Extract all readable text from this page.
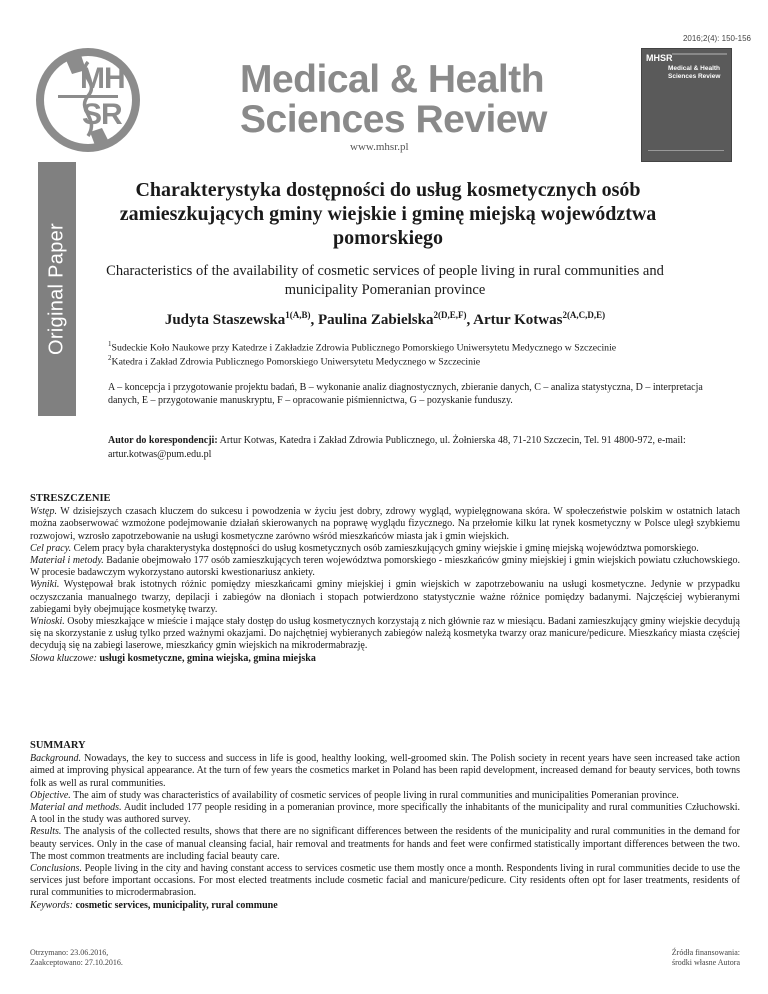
2016;2(4): 150-156
MH
SR
Medical & Health
Sciences Review
www.mhsr.pl
MHSR
Medical & Health Sciences Review
Original Paper
Charakterystyka dostępności do usług kosmetycznych osób zamieszkujących gminy wiejskie i gminę miejską województwa pomorskiego
Characteristics of the availability of cosmetic services of people living in rural communities and municipality Pomeranian province
Judyta Staszewska$^{1(A,B)}$, Paulina Zabielska$^{2(D,E,F)}$, Artur Kotwas$^{2(A,C,D,E)}$
$^1$Sudeckie Koło Naukowe przy Katedrze i Zakładzie Zdrowia Publicznego Pomorskiego Uniwersytetu Medycznego w Szczecinie
$^2$Katedra i Zakład Zdrowia Publicznego Pomorskiego Uniwersytetu Medycznego w Szczecinie
A – koncepcja i przygotowanie projektu badań, B – wykonanie analiz diagnostycznych, zbieranie danych, C – analiza statystyczna, D – interpretacja danych, E – przygotowanie manuskryptu, F – opracowanie piśmiennictwa, G – pozyskanie funduszy.
Autor do korespondencji: Artur Kotwas, Katedra i Zakład Zdrowia Publicznego, ul. Żołnierska 48, 71-210 Szczecin, Tel. 91 4800-972, e-mail: artur.kotwas@pum.edu.pl
STRESZCZENIE

Wstęp. W dzisiejszych czasach kluczem do sukcesu i powodzenia w życiu jest dobry, zdrowy wygląd, wypielęgnowana skóra. W społeczeństwie polskim w ostatnich latach można zaobserwować wzmożone podejmowanie działań skierowanych na poprawę wyglądu fizycznego. Na przełomie kilku lat rynek kosmetyczny w Polsce uległ szybkiemu rozwojowi, wzrosło zapotrzebowanie na usługi kosmetyczne zarówno wśród mieszkańców miasta jak i gmin wiejskich.

Cel pracy. Celem pracy była charakterystyka dostępności do usług kosmetycznych osób zamieszkujących gminy wiejskie i gminę miejską województwa pomorskiego.

Materiał i metody. Badanie obejmowało 177 osób zamieszkujących teren województwa pomorskiego - mieszkańców gminy miejskiej i gmin wiejskich powiatu człuchowskiego. W procesie badawczym wykorzystano autorski kwestionariusz ankiety.

Wyniki. Występował brak istotnych różnic pomiędzy mieszkańcami gminy miejskiej i gmin wiejskich w zapotrzebowaniu na usługi kosmetyczne. Jedynie w przypadku oczyszczania manualnego twarzy, depilacji i zabiegów na dłoniach i stopach potwierdzono statystycznie ważne różnice pomiędzy badanymi. Najczęściej wybieranymi zabiegami były obejmujące kosmetykę twarzy.

Wnioski. Osoby mieszkające w mieście i mające stały dostęp do usług kosmetycznych korzystają z nich głównie raz w miesiącu. Badani zamieszkujący gminy wiejskie decydują się na skorzystanie z usług tylko przed ważnymi okazjami. Do najchętniej wybieranych zabiegów należą kosmetyka twarzy oraz manicure/pedicure. Mieszkańcy miasta częściej decydują się na zabiegi laserowe, mieszkańcy gmin wiejskich na mikrodermabrazję.

Słowa kluczowe: usługi kosmetyczne, gmina wiejska, gmina miejska

SUMMARY

Background. Nowadays, the key to success and success in life is good, healthy looking, well-groomed skin. The Polish society in recent years have seen increased take action aimed at improving physical appearance. At the turn of few years the cosmetics market in Poland has been rapid development, increased demand for beauty services, both towns folk as well as rural communities.

Objective. The aim of study was characteristics of availability of cosmetic services of people living in rural communities and municipalities Pomeranian province.

Material and methods. Audit included 177 people residing in a pomeranian province, more specifically the inhabitants of the municipality and rural communities Człuchowski. A tool in the study was authored survey.

Results. The analysis of the collected results, shows that there are no significant differences between the residents of the municipality and rural communities in the demand for beauty services. Only in the case of manual cleansing facial, hair removal and treatments for hands and feet were confirmed statistically important differences between the two. The most common treatments are including facial beauty care.

Conclusions. People living in the city and having constant access to services cosmetic use them mostly once a month. Respondents living in rural communities decide to use the services just before important occasions. For most elected treatments include cosmetic facial and manicure/pedicure. City residents often opt for laser treatments, residents of rural communities to microdermabrasion.

Keywords: cosmetic services, municipality, rural commune

Otrzymano: 23.06.2016,
Zaakceptowano: 27.10.2016.
Źródła finansowania:
środki własne Autora
